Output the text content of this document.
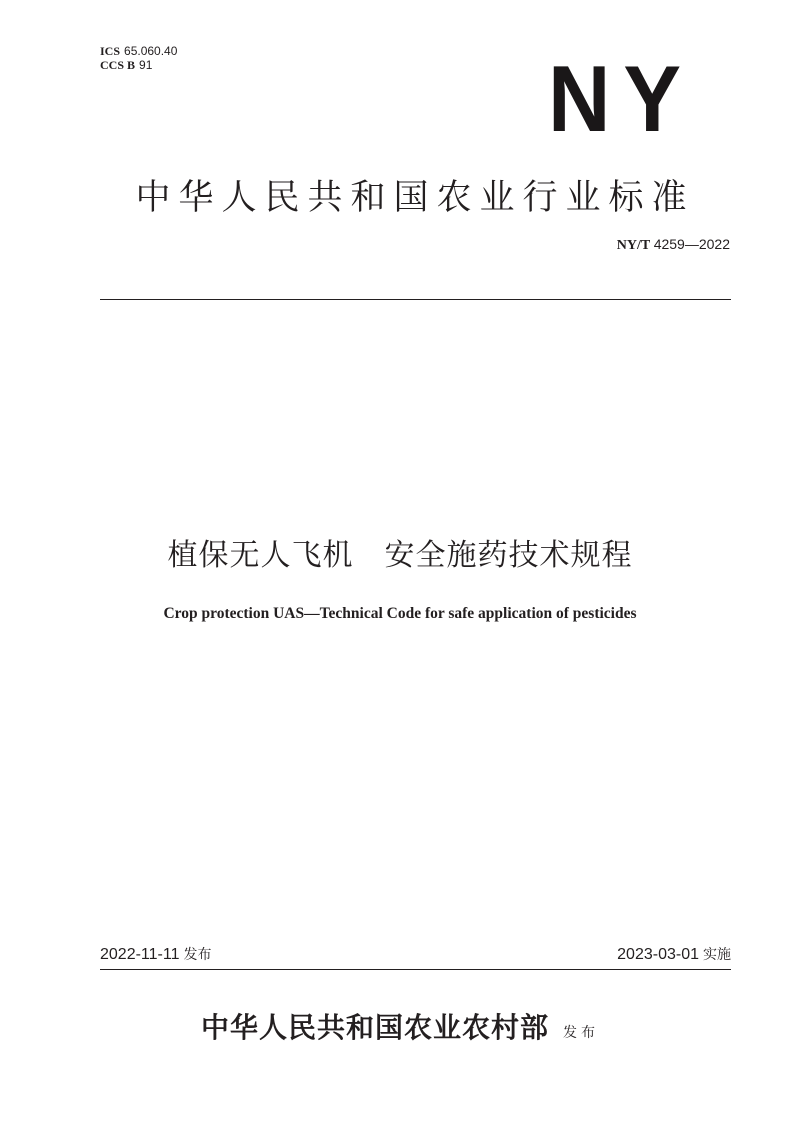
ICS 65.060.40
CCS B 91	NY
中华人民共和国农业行业标准
NY/T 4259—2022
植保无人飞机　安全施药技术规程
Crop protection UAS—Technical Code for safe application of pesticides
2022-11-11 发布	2023-03-01 实施
中华人民共和国农业农村部 发布
